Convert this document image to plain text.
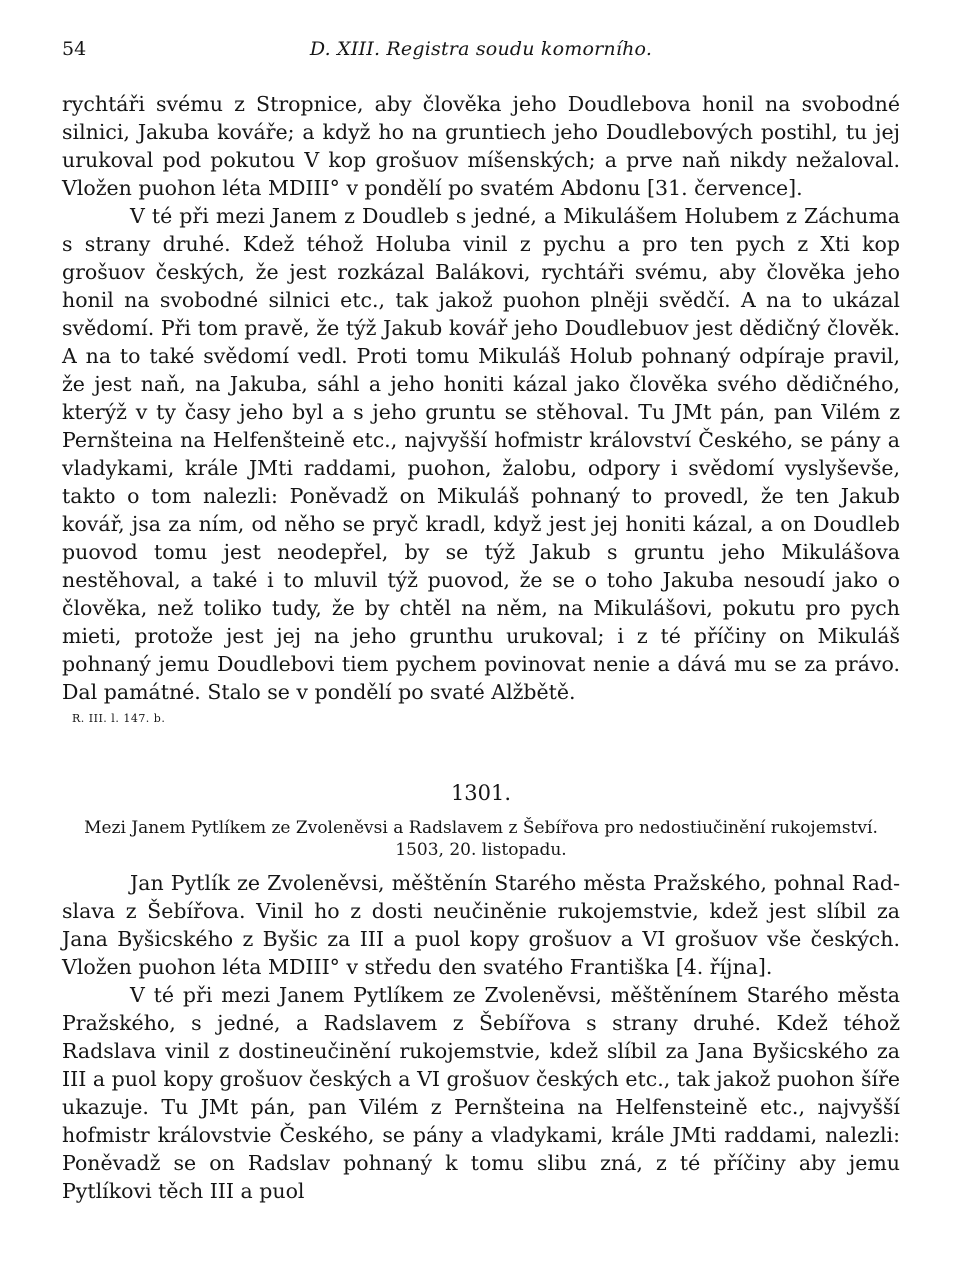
54	D. XIII. Registra soudu komorního.

rychtáři svému z Stropnice, aby člověka jeho Doudlebova honil na svobodné silnici, Jakuba kováře; a když ho na gruntiech jeho Doudlebových postihl, tu jej urukoval pod pokutou V kop grošuov míšenských; a prve naň nikdy nežaloval. Vložen puohon léta MDIII° v pondělí po svatém Abdonu [31. července].

V té při mezi Janem z Doudleb s jedné, a Mikulášem Holubem z Záchuma s strany druhé. Kdež téhož Holuba vinil z pychu a pro ten pych z Xti kop grošuov českých, že jest rozkázal Balákovi, rychtáři svému, aby člověka jeho honil na svobodné silnici etc., tak jakož puohon plněji svědčí. A na to ukázal svědomí. Při tom pravě, že týž Jakub kovář jeho Doudlebuov jest dědičný člověk. A na to také svědomí vedl. Proti tomu Mikuláš Holub pohnaný odpíraje pravil, že jest naň, na Jakuba, sáhl a jeho honiti kázal jako člověka svého dědičného, kterýž v ty časy jeho byl a s jeho gruntu se stěhoval. Tu JMt pán, pan Vilém z Pernšteina na Helfenšteině etc., najvyšší hofmistr království Českého, se pány a vladykami, krále JMti raddami, puohon, žalobu, odpory i svědomí vyslyševše, takto o tom nalezli: Poněvadž on Mikuláš pohnaný to provedl, že ten Jakub kovář, jsa za ním, od něho se pryč kradl, když jest jej honiti kázal, a on Doudleb puovod tomu jest neodepřel, by se týž Jakub s gruntu jeho Mikulášova nestěhoval, a také i to mluvil týž puovod, že se o toho Jakuba nesoudí jako o člověka, než toliko tudy, že by chtěl na něm, na Mikulášovi, pokutu pro pych mieti, protože jest jej na jeho grunthu urukoval; i z té příčiny on Mikuláš pohnaný jemu Doudlebovi tiem pychem povinovat nenie a dává mu se za právo. Dal památné. Stalo se v pondělí po svaté Alžbětě.

R. III. l. 147. b.
1301.
Mezi Janem Pytlíkem ze Zvoleněvsi a Radslavem z Šebířova pro nedostiučinění rukojemství.
1503, 20. listopadu.

Jan Pytlík ze Zvoleněvsi, měštěnín Starého města Pražského, pohnal Radslava z Šebířova. Vinil ho z dosti neučiněnie rukojemstvie, kdež jest slíbil za Jana Byšicského z Byšic za III a puol kopy grošuov a VI grošuov vše českých. Vložen puohon léta MDIII° v středu den svatého Františka [4. října].

V té při mezi Janem Pytlíkem ze Zvoleněvsi, měštěnínem Starého města Pražského, s jedné, a Radslavem z Šebířova s strany druhé. Kdež téhož Radslava vinil z dostineučinění rukojemstvie, kdež slíbil za Jana Byšicského za III a puol kopy grošuov českých a VI grošuov českých etc., tak jakož puohon šíře ukazuje. Tu JMt pán, pan Vilém z Pernšteina na Helfensteině etc., najvyšší hofmistr královstvie Českého, se pány a vladykami, krále JMti raddami, nalezli: Poněvadž se on Radslav pohnaný k tomu slibu zná, z té příčiny aby jemu Pytlíkovi těch III a puol
